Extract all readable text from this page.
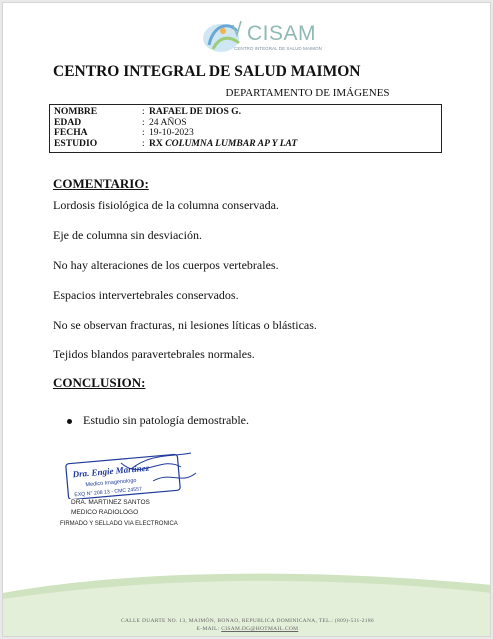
CISAM
CENTRO INTEGRAL DE SALUD MAIMON
CENTRO INTEGRAL DE SALUD MAIMON
DEPARTAMENTO DE IMÁGENES
NOMBRE	: RAFAEL DE DIOS G.
EDAD	: 24 AÑOS
FECHA	: 19-10-2023
ESTUDIO	: RX COLUMNA LUMBAR AP Y LAT
COMENTARIO:
Lordosis fisiológica de la columna conservada.
Eje de columna sin desviación.
No hay alteraciones de los cuerpos vertebrales.
Espacios intervertebrales conservados.
No se observan fracturas, ni lesiones líticas o blásticas.
Tejidos blandos paravertebrales normales.
CONCLUSION:
Estudio sin patología demostrable.
Dra. Engie Martinez
Medico Imagenologo
EXQ N° 208 13 - CMC 24557
DRA. MARTINEZ SANTOS
MEDICO RADIOLOGO
FIRMADO Y SELLADO VIA ELECTRONICA
CALLE DUARTE NO. 13, MAIMÓN, BONAO, REPUBLICA DOMINICANA, TEL.: (809)-531-2186
E-MAIL: CISAM.DG@HOTMAIL.COM
